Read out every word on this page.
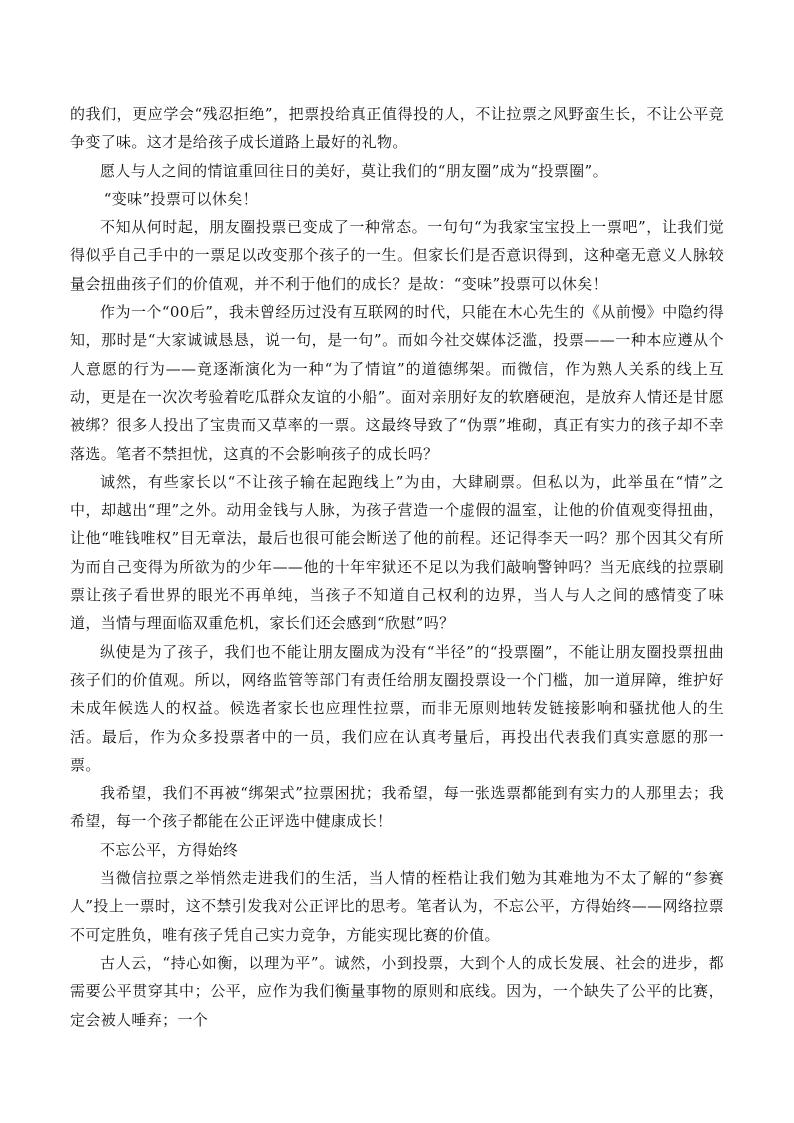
的我们，更应学会“残忍拒绝”，把票投给真正值得投的人，不让拉票之风野蛮生长，不让公平竞争变了味。这才是给孩子成长道路上最好的礼物。

愿人与人之间的情谊重回往日的美好，莫让我们的“朋友圈”成为“投票圈”。

“变味”投票可以休矣！

不知从何时起，朋友圈投票已变成了一种常态。一句句“为我家宝宝投上一票吧”，让我们觉得似乎自己手中的一票足以改变那个孩子的一生。但家长们是否意识得到，这种毫无意义人脉较量会扭曲孩子们的价值观，并不利于他们的成长？是故：“变味”投票可以休矣！

作为一个“00后”，我未曾经历过没有互联网的时代，只能在木心先生的《从前慢》中隐约得知，那时是“大家诚诚恳恳，说一句，是一句”。而如今社交媒体泛滥，投票——一种本应遵从个人意愿的行为——竟逐渐演化为一种“为了情谊”的道德绑架。而微信，作为熟人关系的线上互动，更是在一次次考验着吃瓜群众友谊的小船”。面对亲朋好友的软磨硬泡，是放弃人情还是甘愿被绑？很多人投出了宝贵而又草率的一票。这最终导致了“伪票”堆砌，真正有实力的孩子却不幸落选。笔者不禁担忧，这真的不会影响孩子的成长吗？

诚然，有些家长以“不让孩子输在起跑线上”为由，大肆刷票。但私以为，此举虽在“情”之中，却越出“理”之外。动用金钱与人脉，为孩子营造一个虚假的温室，让他的价值观变得扭曲，让他“唯钱唯权”目无章法，最后也很可能会断送了他的前程。还记得李天一吗？那个因其父有所为而自己变得为所欲为的少年——他的十年牢狱还不足以为我们敲响警钟吗？当无底线的拉票刷票让孩子看世界的眼光不再单纯，当孩子不知道自己权利的边界，当人与人之间的感情变了味道，当情与理面临双重危机，家长们还会感到“欣慰”吗？

纵使是为了孩子，我们也不能让朋友圈成为没有“半径”的“投票圈”，不能让朋友圈投票扭曲孩子们的价值观。所以，网络监管等部门有责任给朋友圈投票设一个门槛，加一道屏障，维护好未成年候选人的权益。候选者家长也应理性拉票，而非无原则地转发链接影响和骚扰他人的生活。最后，作为众多投票者中的一员，我们应在认真考量后，再投出代表我们真实意愿的那一票。

我希望，我们不再被“绑架式”拉票困扰；我希望，每一张选票都能到有实力的人那里去；我希望，每一个孩子都能在公正评选中健康成长！

不忘公平，方得始终

当微信拉票之举悄然走进我们的生活，当人情的桎梏让我们勉为其难地为不太了解的“参赛人”投上一票时，这不禁引发我对公正评比的思考。笔者认为，不忘公平，方得始终——网络拉票不可定胜负，唯有孩子凭自己实力竞争，方能实现比赛的价值。

古人云，“持心如衡，以理为平”。诚然，小到投票，大到个人的成长发展、社会的进步，都需要公平贯穿其中；公平，应作为我们衡量事物的原则和底线。因为，一个缺失了公平的比赛，定会被人唾弃；一个
